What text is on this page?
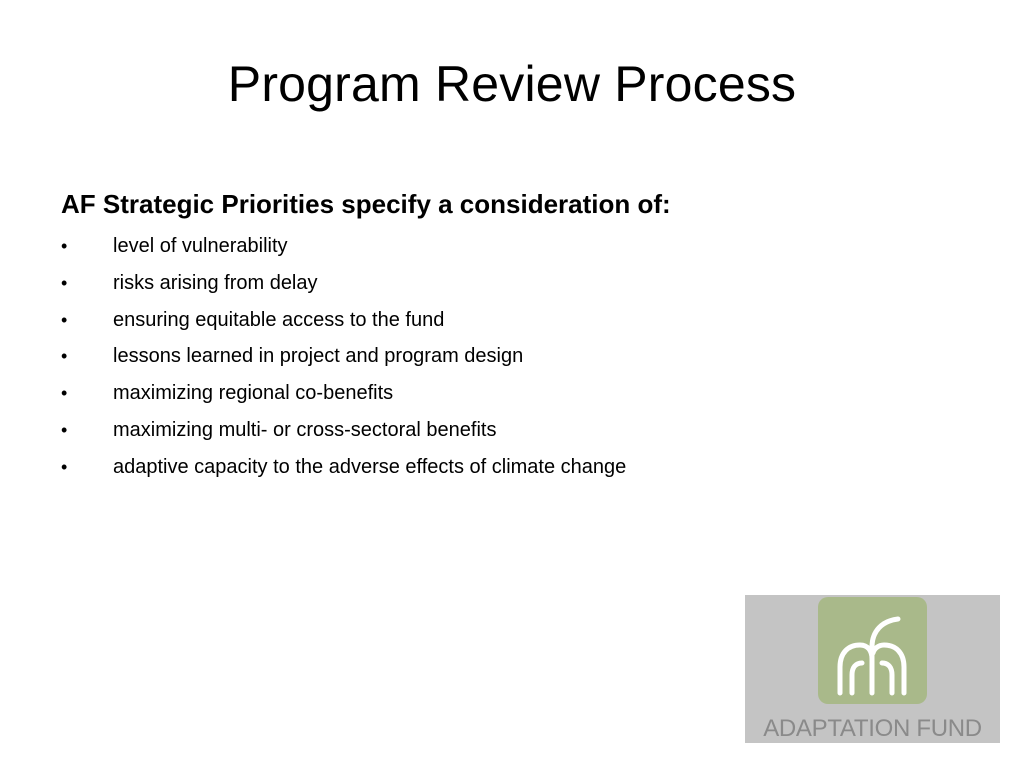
Program Review Process

AF Strategic Priorities specify a consideration of:

• level of vulnerability
• risks arising from delay
• ensuring equitable access to the fund
• lessons learned in project and program design
• maximizing regional co-benefits
• maximizing multi- or cross-sectoral benefits
• adaptive capacity to the adverse effects of climate change
ADAPTATION FUND
